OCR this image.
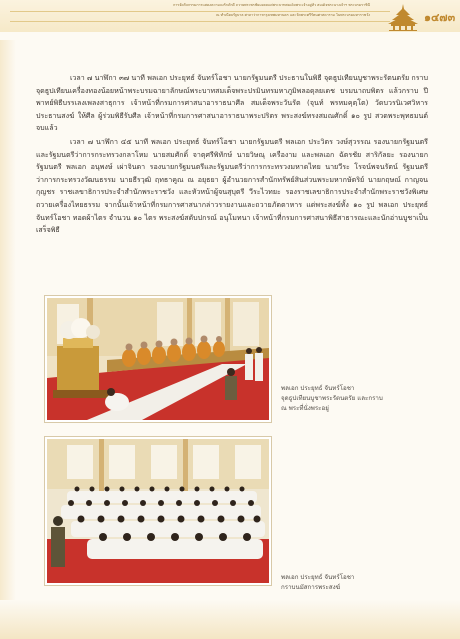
การจัดกิจกรรมการแสดงความจงรักภักดี ถวายพระพรชัยมงคลแด่พระบาทสมเด็จพระเจ้าอยู่หัว สมเด็จพระนางเจ้าฯ พระบรมราชินี
ณ ทำเนียบรัฐบาล ศาลาว่าการกรุงเทพมหานคร และวัดพระศรีรัตนศาสดาราม ในพระบรมมหาราชวัง	๑๔๗๓
เวลา ๗ นาฬิกา ๓๗ นาที พลเอก ประยุทธ์ จันทร์โอชา นายกรัฐมนตรี ประธานในพิธี จุดธูปเทียนบูชาพระรัตนตรัย กราบ จุดธูปเทียนเครื่องทองน้อยหน้าพระบรมฉายาลักษณ์พระบาทสมเด็จพระปรมินทรมหาภูมิพลอดุลยเดช บรมนาถบพิตร แล้วกราบ ปีพาทย์พิธีบรรเลงเพลงสาธุการ เจ้าหน้าที่กรมการศาสนาอาราธนาศีล สมเด็จพระวันรัต (จุนท์ พรหมคุตฺโต) วัดบวรนิเวศวิหาร ประธานสงฆ์ ให้ศีล ผู้ร่วมพิธีรับศีล เจ้าหน้าที่กรมการศาสนาอาราธนาพระปริตร พระสงฆ์ทรงสมณศักดิ์ ๑๐ รูป สวดพระพุทธมนต์ จบแล้ว
เวลา ๗ นาฬิกา ๔๕ นาที พลเอก ประยุทธ์ จันทร์โอชา นายกรัฐมนตรี พลเอก ประวิตร วงษ์สุวรรณ รองนายกรัฐมนตรี และรัฐมนตรีว่าการกระทรวงกลาโหม นายสมศักดิ์ จาตุศรีพิทักษ์ นายวิษณุ เครืองาม และพลเอก ฉัตรชัย สาริกัลยะ รองนายกรัฐมนตรี พลเอก อนุพงษ์ เผ่าจินดา รองนายกรัฐมนตรีและรัฐมนตรีว่าการกระทรวงมหาดไทย นายวีระ โรจน์พจนรัตน์ รัฐมนตรีว่าการกระทรวงวัฒนธรรม นายธีรวุฒิ ฤทธาคูณ ณ อยุธยา ผู้อำนวยการสำนักทรัพย์สินส่วนพระมหากษัตริย์ นายกฤษณ์ กาญจนกุญชร ราชเลขาธิการประจำสำนักพระราชวัง และหัวหน้าผู้จนสุบุตรี วีระไวทยะ รองราชเลขาธิการประจำสำนักพระราชวังพิเศษ ถวายเครื่องไทยธรรม จากนั้นเจ้าหน้าที่กรมการศาสนากล่าวรายงานและถวายภัตตาหาร แด่พระสงฆ์ทั้ง ๑๐ รูป พลเอก ประยุทธ์ จันทร์โอชา ทอดผ้าไตร จำนวน ๑๐ ไตร พระสงฆ์สดับปกรณ์ อนุโมทนา เจ้าหน้าที่กรมการศาสนาพิธีสาธารณะและนักอ่านบูชาเป็นเสร็จพิธี
พลเอก ประยุทธ์ จันทร์โอชา
จุดธูปเทียนบูชาพระรัตนตรัย และกราบ
ณ พระที่นั่งพระอยู่
พลเอก ประยุทธ์ จันทร์โอชา
กราบนมัสการพระสงฆ์
